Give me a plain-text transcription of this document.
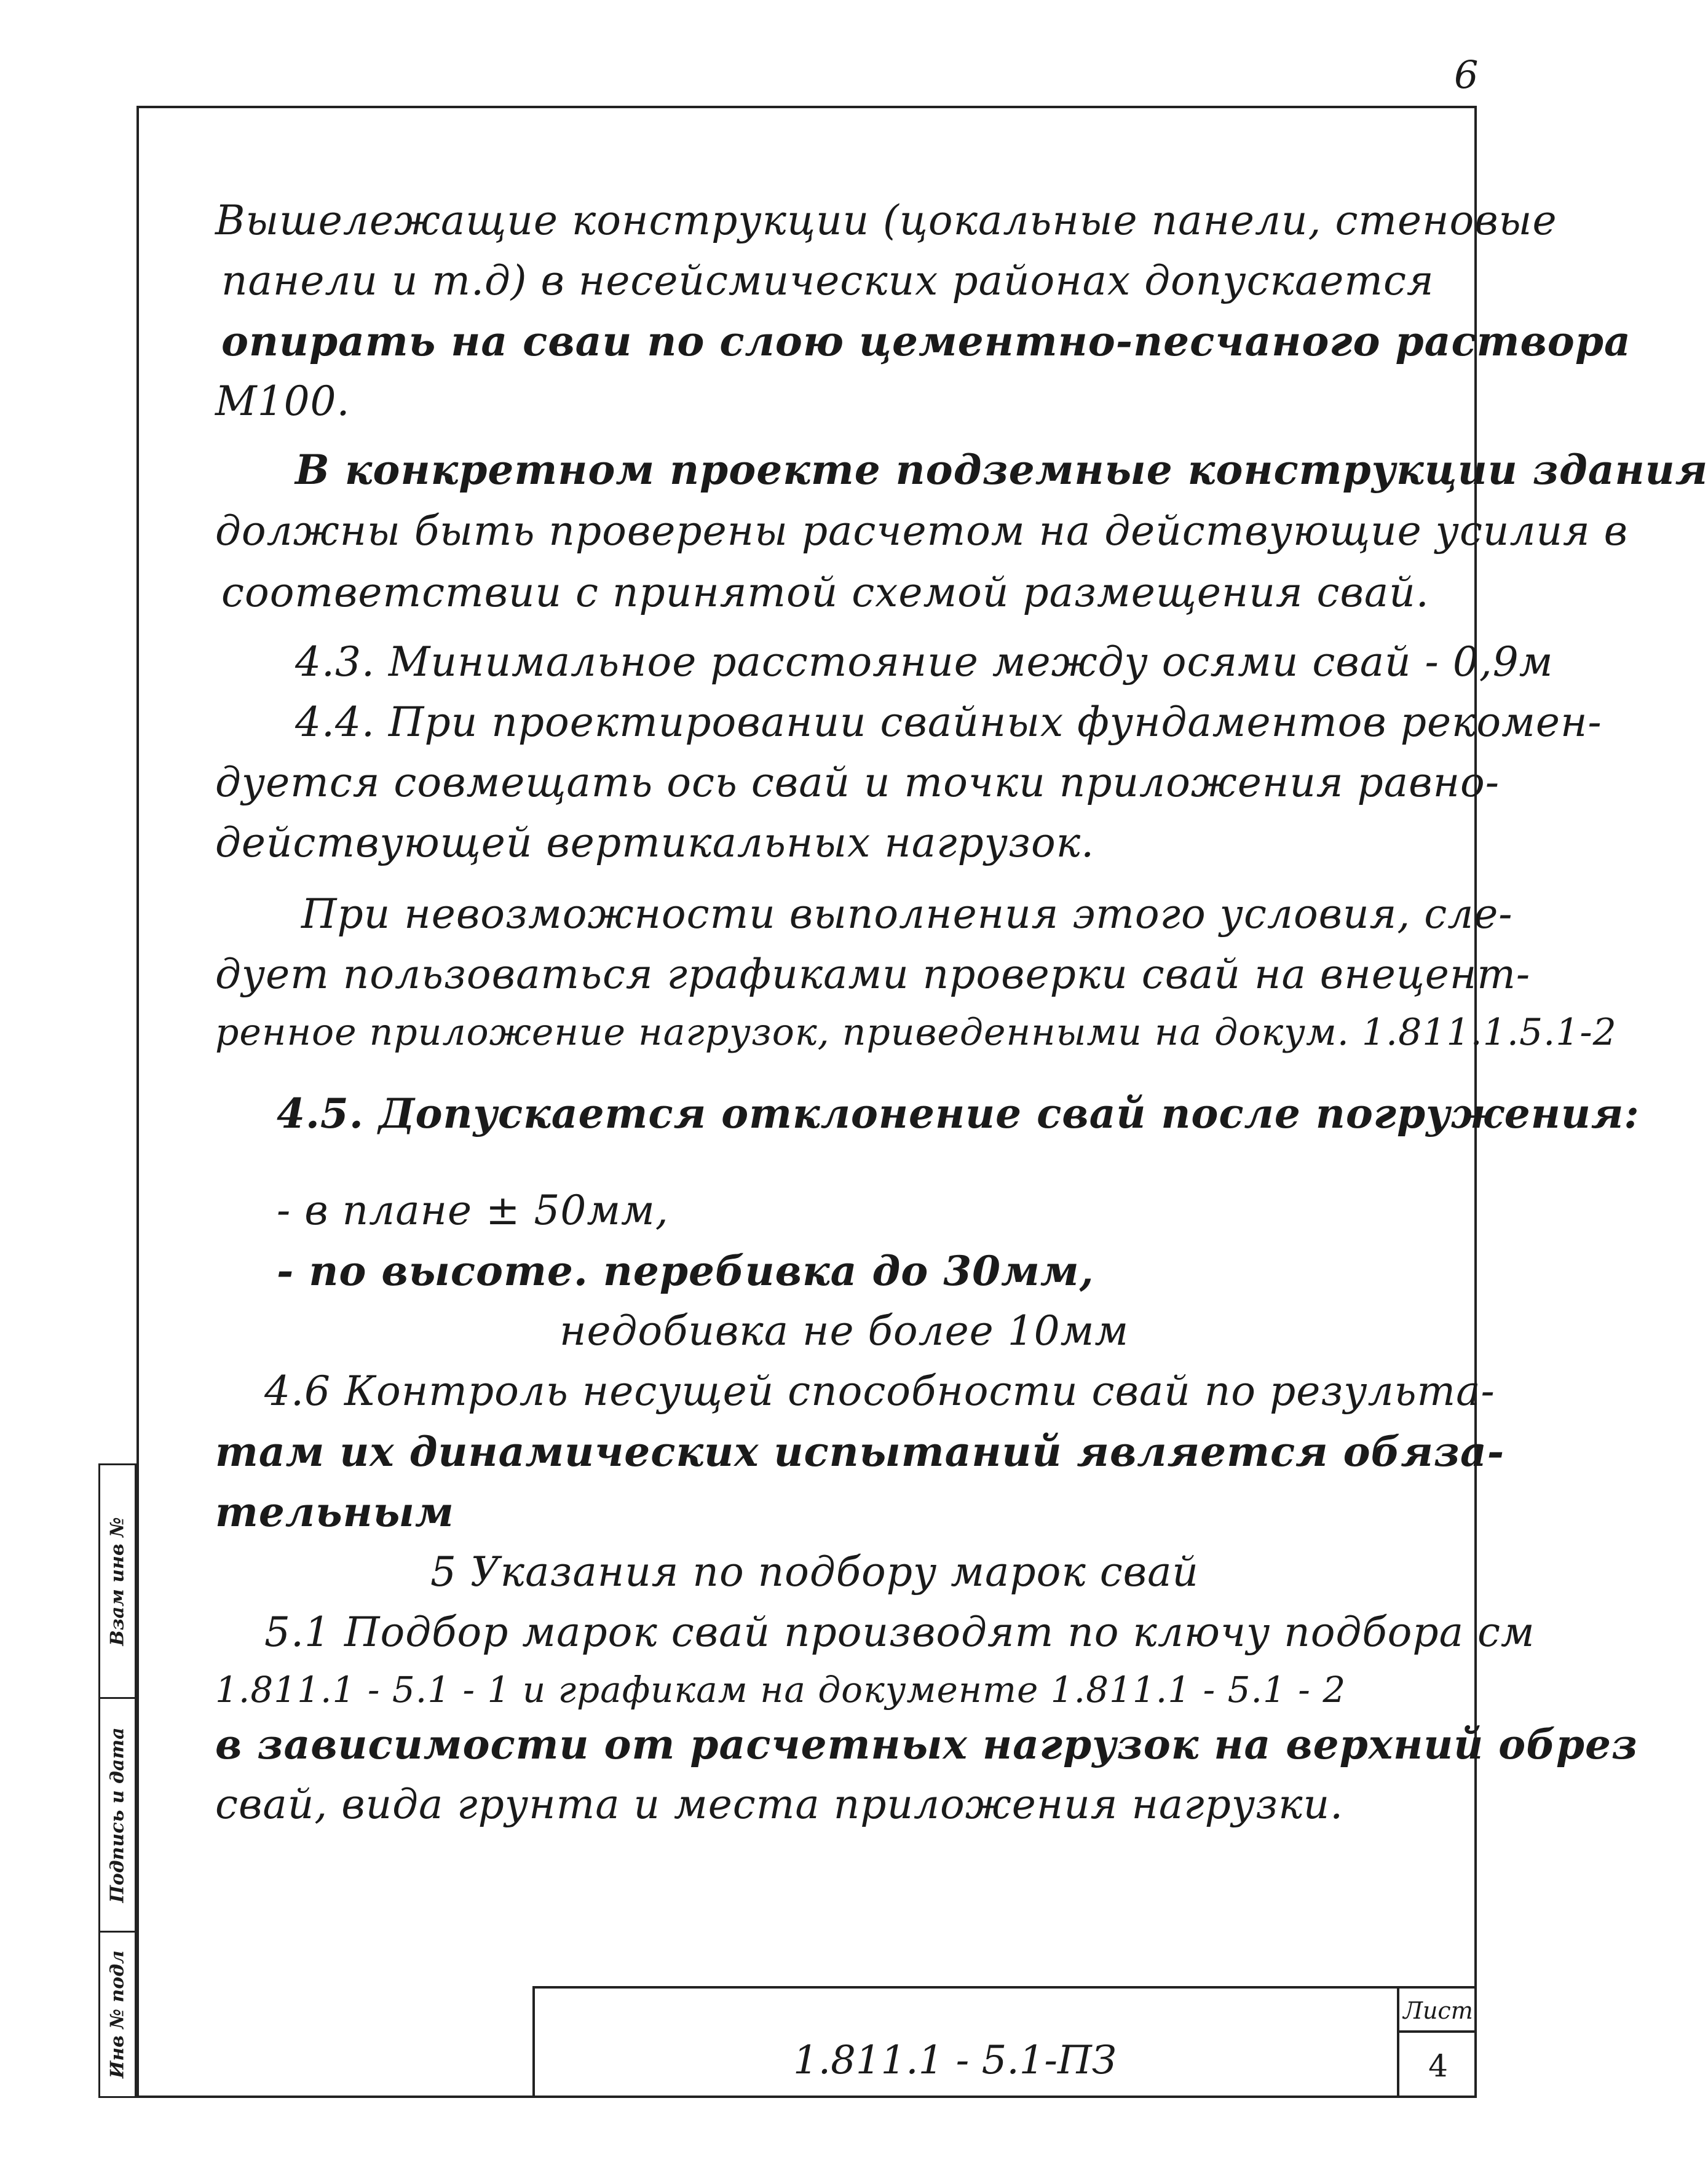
6
Вышележащие конструкции (цокальные панели, стеновые
панели и т.д) в несейсмических районах допускается
опирать на сваи по слою цементно-песчаного раствора
М100.
В конкретном проекте подземные конструкции здания
должны быть проверены расчетом на действующие усилия в
соответствии с принятой схемой размещения свай.
4.3. Минимальное расстояние между осями свай - 0,9м
4.4. При проектировании свайных фундаментов рекомен-
дуется совмещать ось свай и точки приложения равно-
действующей вертикальных нагрузок.
При невозможности выполнения этого условия, сле-
дует пользоваться графиками проверки свай на внецент-
ренное приложение нагрузок, приведенными на докум. 1.811.1.5.1-2
4.5. Допускается отклонение свай после погружения:
- в плане ± 50мм,
- по высоте. перебивка до 30мм,
недобивка не более 10мм
4.6 Контроль несущей способности свай по результа-
там их динамических испытаний является обяза-
тельным
5 Указания по подбору марок свай
5.1 Подбор марок свай производят по ключу подбора см
1.811.1 - 5.1 - 1 и графикам на документе 1.811.1 - 5.1 - 2
в зависимости от расчетных нагрузок на верхний обрез
свай, вида грунта и места приложения нагрузки.
Взам инв №
Подпись и дата
Инв № подл	1.811.1 - 5.1-ПЗ
Лист
4
